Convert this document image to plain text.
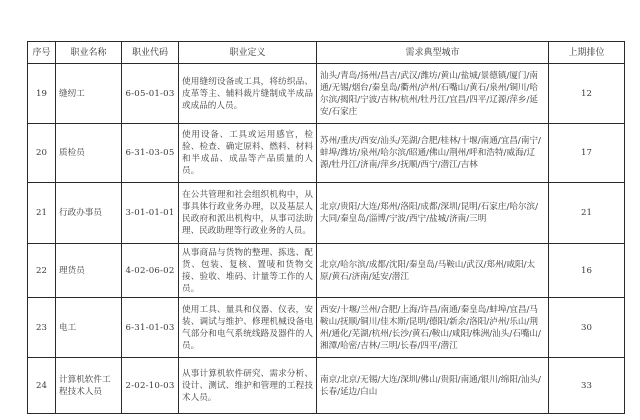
序号	职业名称	职业代码	职业定义	需求典型城市	上期排位
19	缝纫工	6-05-01-03	使用缝纫设备或工具，将纺织品、皮革等主、辅料裁片缝制成半成品或成品的人员。	汕头/青岛/扬州/昌吉/武汉/潍坊/黄山/盐城/景德镇/厦门/南通/无锡/烟台/秦皇岛/衢州/泸州/石嘴山/黄石/泉州/铜川/哈尔滨/揭阳/宁波/吉林/杭州/牡丹江/宜昌/四平/辽源/萍乡/延安/石家庄	12
20	质检员	6-31-03-05	使用设备、工具或运用感官，检验、检查、确定原料、燃料、材料和半成品、成品等产品质量的人员。	苏州/重庆/西安/汕头/芜湖/合肥/桂林/十堰/南通/宜昌/南宁/蚌埠/潍坊/泉州/哈尔滨/昭通/佛山/荆州/呼和浩特/威海/辽源/牡丹江/济南/萍乡/抚顺/西宁/潜江/吉林	17
21	行政办事员	3-01-01-01	在公共管理和社会组织机构中，从事具体行政业务办理，以及基层人民政府和派出机构中，从事司法助理、民政助理等行政业务的人员。	北京/贵阳/大连/郑州/洛阳/成都/深圳/昆明/石家庄/哈尔滨/大同/秦皇岛/淄博/宁波/西宁/盐城/济南/三明	21
22	理货员	4-02-06-02	从事商品与货物的整理、拣选、配货、包装、复核、置唛和货物交接、验收、堆码、计量等工作的人员。	北京/哈尔滨/成都/沈阳/秦皇岛/马鞍山/武汉/郑州/咸阳/太原/黄石/济南/延安/潜江	16
23	电工	6-31-01-03	使用工具、量具和仪器、仪表，安装、调试与维护、修理机械设备电气部分和电气系统线路及器件的人员。	西安/十堰/兰州/合肥/上海/许昌/南通/秦皇岛/蚌埠/宜昌/马鞍山/抚顺/铜川/佳木斯/昆明/德阳/新余/洛阳/泸州/乐山/荆州/通化/芜湖/杭州/长沙/黄石/鞍山/咸阳/株洲/汕头/石嘴山/湘潭/哈密/吉林/三明/长春/四平/潜江	30
24	计算机软件工程技术人员	2-02-10-03	从事计算机软件研究、需求分析、设计、测试、维护和管理的工程技术人员。	南京/北京/无锡/大连/深圳/佛山/贵阳/南通/银川/绵阳/汕头/长春/延边/白山	33
